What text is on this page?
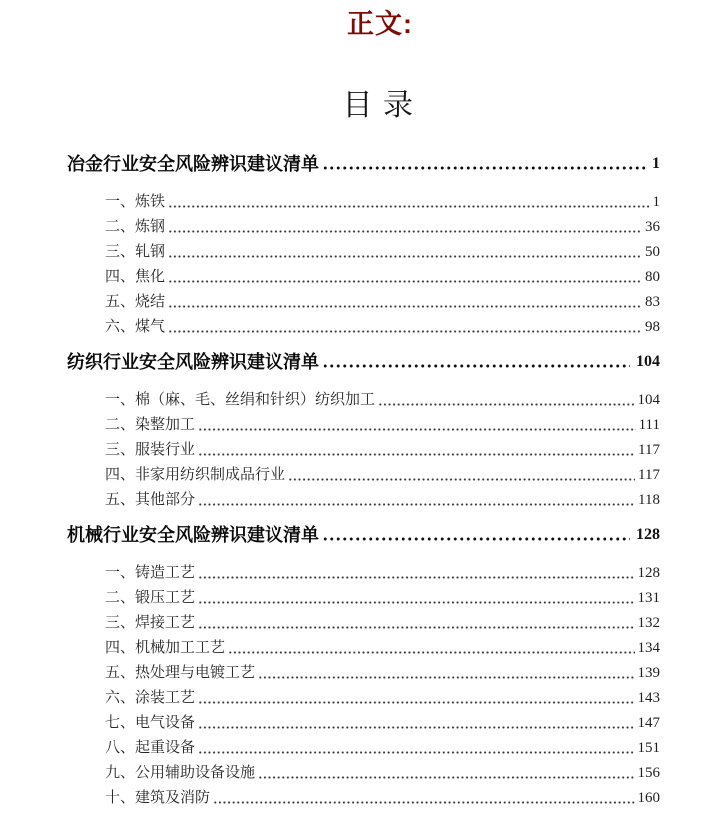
正文:
目录
冶金行业安全风险辨识建议清单	1
一、炼铁	1
二、炼钢	36
三、轧钢	50
四、焦化	80
五、烧结	83
六、煤气	98
纺织行业安全风险辨识建议清单	104
一、棉（麻、毛、丝绢和针织）纺织加工	104
二、染整加工	111
三、服装行业	117
四、非家用纺织制成品行业	117
五、其他部分	118
机械行业安全风险辨识建议清单	128
一、铸造工艺	128
二、锻压工艺	131
三、焊接工艺	132
四、机械加工工艺	134
五、热处理与电镀工艺	139
六、涂装工艺	143
七、电气设备	147
八、起重设备	151
九、公用辅助设备设施	156
十、建筑及消防	160
